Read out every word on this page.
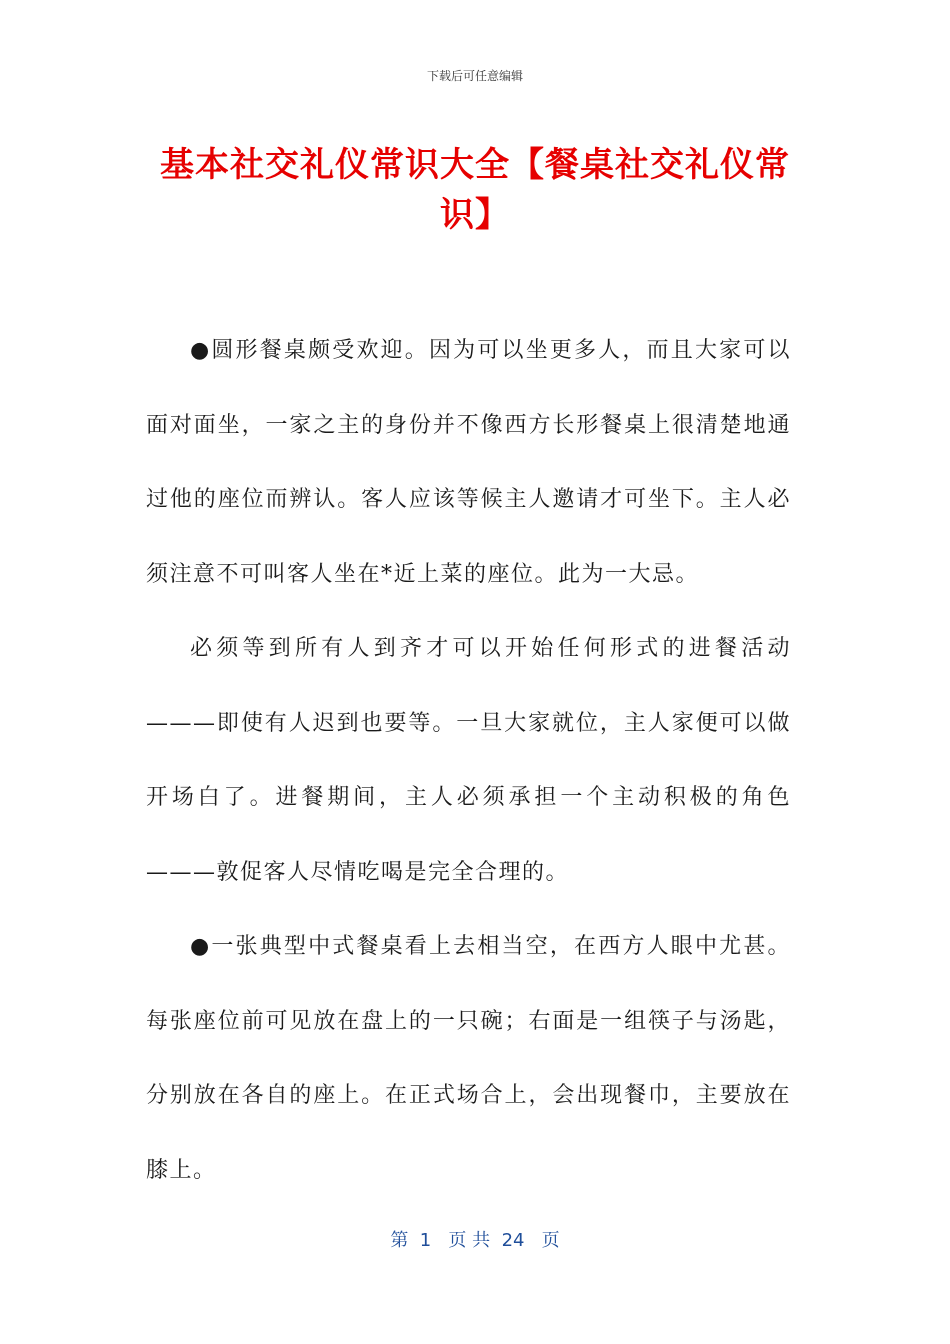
下载后可任意编辑
基本社交礼仪常识大全【餐桌社交礼仪常识】

●圆形餐桌颇受欢迎。因为可以坐更多人，而且大家可以面对面坐，一家之主的身份并不像西方长形餐桌上很清楚地通过他的座位而辨认。客人应该等候主人邀请才可坐下。主人必须注意不可叫客人坐在*近上菜的座位。此为一大忌。

必须等到所有人到齐才可以开始任何形式的进餐活动———即使有人迟到也要等。一旦大家就位，主人家便可以做开场白了。进餐期间，主人必须承担一个主动积极的角色———敦促客人尽情吃喝是完全合理的。

●一张典型中式餐桌看上去相当空，在西方人眼中尤甚。每张座位前可见放在盘上的一只碗；右面是一组筷子与汤匙，分别放在各自的座上。在正式场合上，会出现餐巾，主要放在膝上。

第  1   页 共  24   页
